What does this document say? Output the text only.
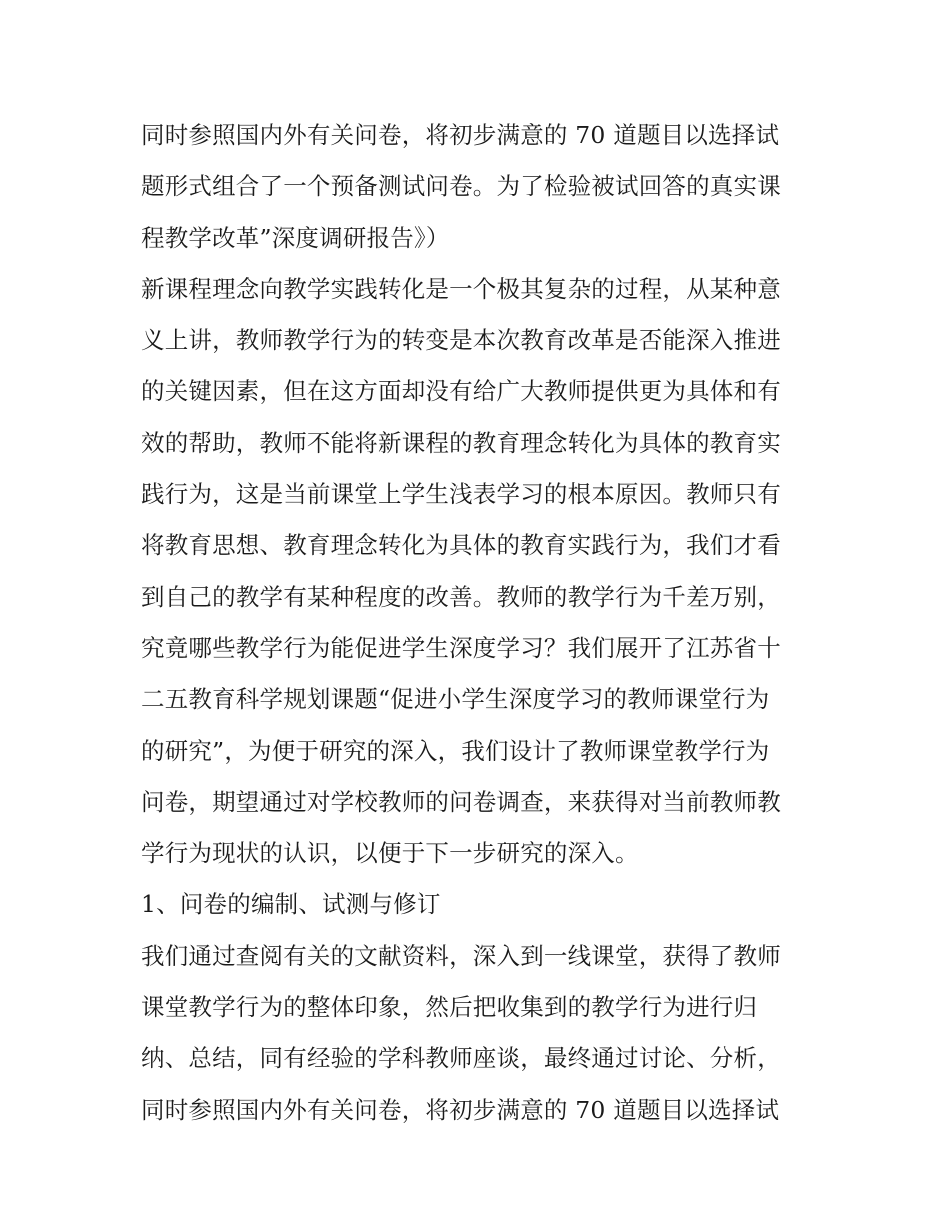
同时参照国内外有关问卷，将初步满意的 70 道题目以选择试
题形式组合了一个预备测试问卷。为了检验被试回答的真实课
程教学改革”深度调研报告》）
新课程理念向教学实践转化是一个极其复杂的过程，从某种意
义上讲，教师教学行为的转变是本次教育改革是否能深入推进
的关键因素，但在这方面却没有给广大教师提供更为具体和有
效的帮助，教师不能将新课程的教育理念转化为具体的教育实
践行为，这是当前课堂上学生浅表学习的根本原因。教师只有
将教育思想、教育理念转化为具体的教育实践行为，我们才看
到自己的教学有某种程度的改善。教师的教学行为千差万别，
究竟哪些教学行为能促进学生深度学习？我们展开了江苏省十
二五教育科学规划课题“促进小学生深度学习的教师课堂行为
的研究”，为便于研究的深入，我们设计了教师课堂教学行为
问卷，期望通过对学校教师的问卷调查，来获得对当前教师教
学行为现状的认识，以便于下一步研究的深入。
1、问卷的编制、试测与修订
我们通过查阅有关的文献资料，深入到一线课堂，获得了教师
课堂教学行为的整体印象，然后把收集到的教学行为进行归
纳、总结，同有经验的学科教师座谈，最终通过讨论、分析，
同时参照国内外有关问卷，将初步满意的 70 道题目以选择试
